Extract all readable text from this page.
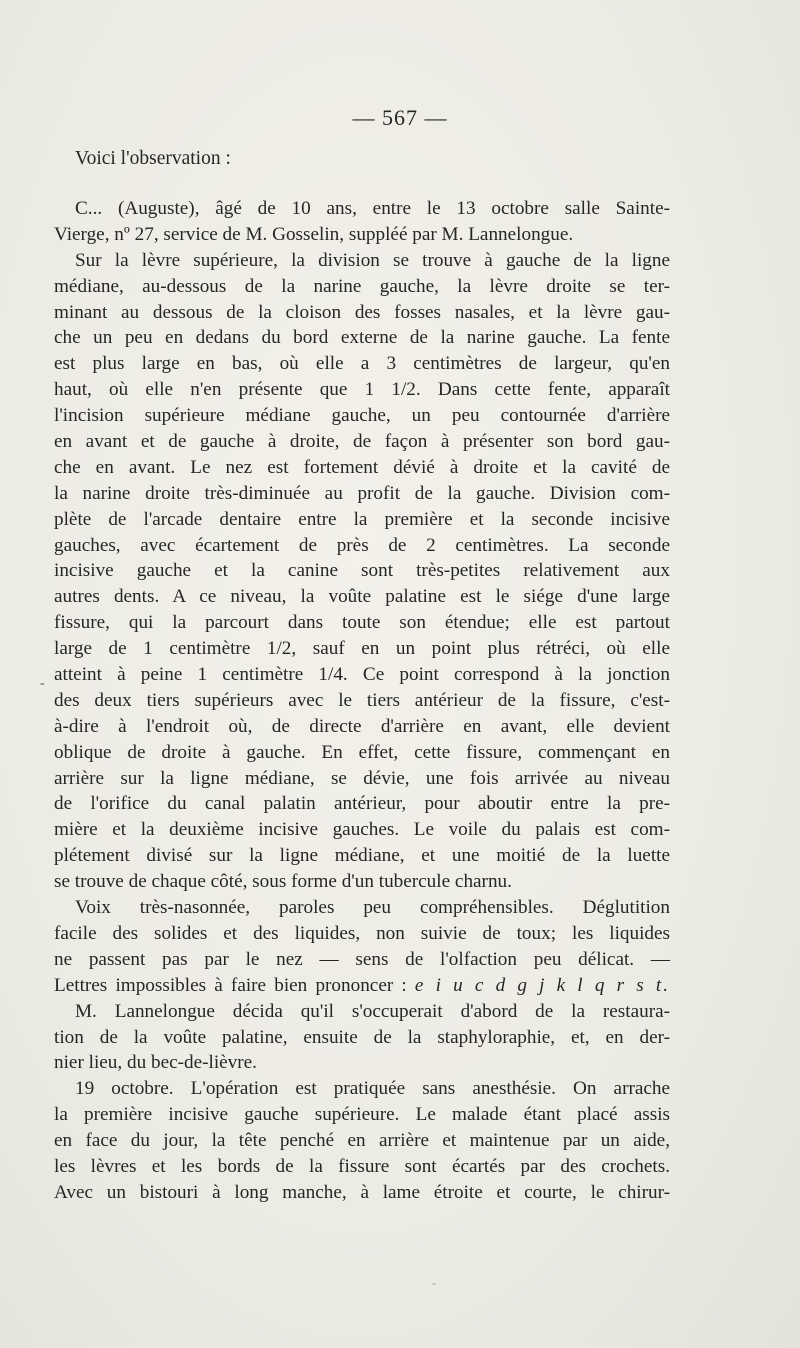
— 567 —

Voici l'observation :

C... (Auguste), âgé de 10 ans, entre le 13 octobre salle Sainte-
Vierge, nº 27, service de M. Gosselin, suppléé par M. Lannelongue.
Sur la lèvre supérieure, la division se trouve à gauche de la ligne
médiane, au-dessous de la narine gauche, la lèvre droite se ter-
minant au dessous de la cloison des fosses nasales, et la lèvre gau-
che un peu en dedans du bord externe de la narine gauche. La fente
est plus large en bas, où elle a 3 centimètres de largeur, qu'en
haut, où elle n'en présente que 1 1/2. Dans cette fente, apparaît
l'incision supérieure médiane gauche, un peu contournée d'arrière
en avant et de gauche à droite, de façon à présenter son bord gau-
che en avant. Le nez est fortement dévié à droite et la cavité de
la narine droite très-diminuée au profit de la gauche. Division com-
plète de l'arcade dentaire entre la première et la seconde incisive
gauches, avec écartement de près de 2 centimètres. La seconde
incisive gauche et la canine sont très-petites relativement aux
autres dents. A ce niveau, la voûte palatine est le siége d'une large
fissure, qui la parcourt dans toute son étendue; elle est partout
large de 1 centimètre 1/2, sauf en un point plus rétréci, où elle
atteint à peine 1 centimètre 1/4. Ce point correspond à la jonction
des deux tiers supérieurs avec le tiers antérieur de la fissure, c'est-
à-dire à l'endroit où, de directe d'arrière en avant, elle devient
oblique de droite à gauche. En effet, cette fissure, commençant en
arrière sur la ligne médiane, se dévie, une fois arrivée au niveau
de l'orifice du canal palatin antérieur, pour aboutir entre la pre-
mière et la deuxième incisive gauches. Le voile du palais est com-
plétement divisé sur la ligne médiane, et une moitié de la luette
se trouve de chaque côté, sous forme d'un tubercule charnu.
Voix très-nasonnée, paroles peu compréhensibles. Déglutition
facile des solides et des liquides, non suivie de toux; les liquides
ne passent pas par le nez — sens de l'olfaction peu délicat. —
Lettres impossibles à faire bien prononcer : e i u c d g j k l q r s t.
M. Lannelongue décida qu'il s'occuperait d'abord de la restaura-
tion de la voûte palatine, ensuite de la staphyloraphie, et, en der-
nier lieu, du bec-de-lièvre.
19 octobre. L'opération est pratiquée sans anesthésie. On arrache
la première incisive gauche supérieure. Le malade étant placé assis
en face du jour, la tête penché en arrière et maintenue par un aide,
les lèvres et les bords de la fissure sont écartés par des crochets.
Avec un bistouri à long manche, à lame étroite et courte, le chirur-
-
-
